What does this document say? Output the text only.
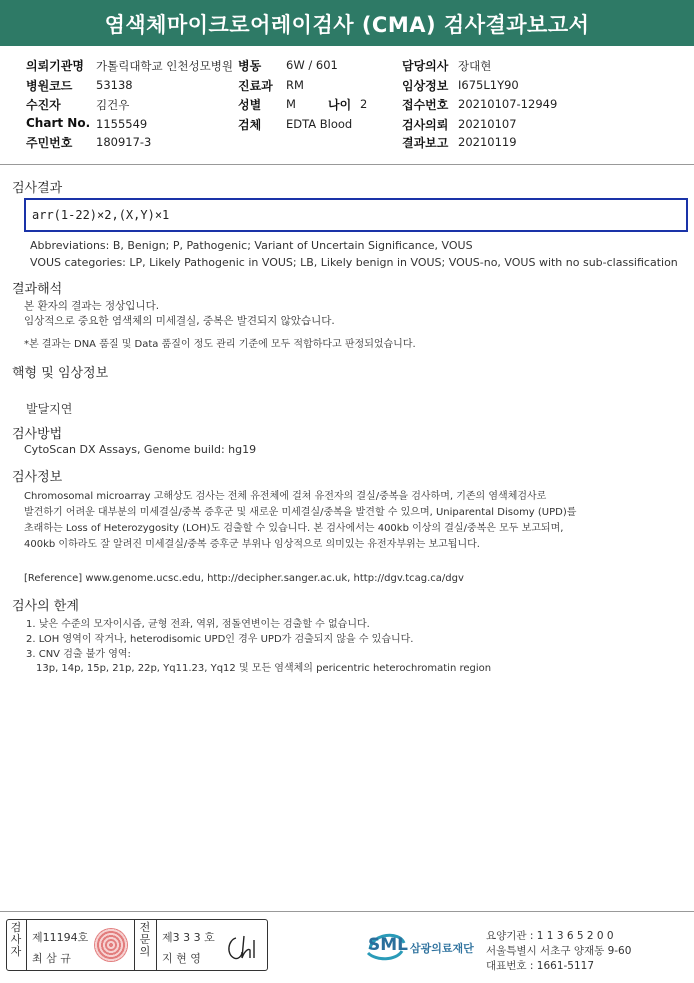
염색체마이크로어레이검사 (CMA) 검사결과보고서
의뢰기관명 가톨릭대학교 인천성모병원
병원코드 53138
수진자	김건우
Chart No. 1155549
주민번호 180917-3
병동 6W / 601
진료과 RM
성별 M	나이 2
검체 EDTA Blood
담당의사 장대현
임상정보 I675L1Y90
접수번호 20210107-12949
검사의뢰 20210107
결과보고 20210119
검사결과
arr(1-22)×2,(X,Y)×1
Abbreviations: B, Benign; P, Pathogenic; Variant of Uncertain Significance, VOUS
VOUS categories: LP, Likely Pathogenic in VOUS; LB, Likely benign in VOUS; VOUS-no, VOUS with no sub-classification
결과해석
본 환자의 결과는 정상입니다.
임상적으로 중요한 염색체의 미세결실, 중복은 발견되지 않았습니다.
*본 결과는 DNA 품질 및 Data 품질이 정도 관리 기준에 모두 적합하다고 판정되었습니다.
핵형 및 임상정보
발달지연
검사방법
CytoScan DX Assays, Genome build: hg19
검사정보
Chromosomal microarray 고해상도 검사는 전체 유전체에 걸쳐 유전자의 결실/중복을 검사하며, 기존의 염색체검사로
발견하기 어려운 대부분의 미세결실/중복 증후군 및 새로운 미세결실/중복을 발견할 수 있으며, Uniparental Disomy (UPD)를
초래하는 Loss of Heterozygosity (LOH)도 검출할 수 있습니다. 본 검사에서는 400kb 이상의 결실/중복은 모두 보고되며,
400kb 이하라도 잘 알려진 미세결실/중복 증후군 부위나 임상적으로 의미있는 유전자부위는 보고됩니다.
[Reference] www.genome.ucsc.edu, http://decipher.sanger.ac.uk, http://dgv.tcag.ca/dgv
검사의 한계
1. 낮은 수준의 모자이시즘, 균형 전좌, 역위, 점돌연변이는 검출할 수 없습니다.
2. LOH 영역이 작거나, heterodisomic UPD인 경우 UPD가 검출되지 않을 수 있습니다.
3. CNV 검출 불가 영역:
13p, 14p, 15p, 21p, 22p, Yq11.23, Yq12 및 모든 염색체의 pericentric heterochromatin region
검사자
제11194호
최 삼 규
전문의
제3 3 3 호
지 현 영
SML 삼광의료재단
요양기관 : 1 1 3 6 5 2 0 0
서울특별시 서초구 양재동 9-60
대표번호 : 1661-5117
